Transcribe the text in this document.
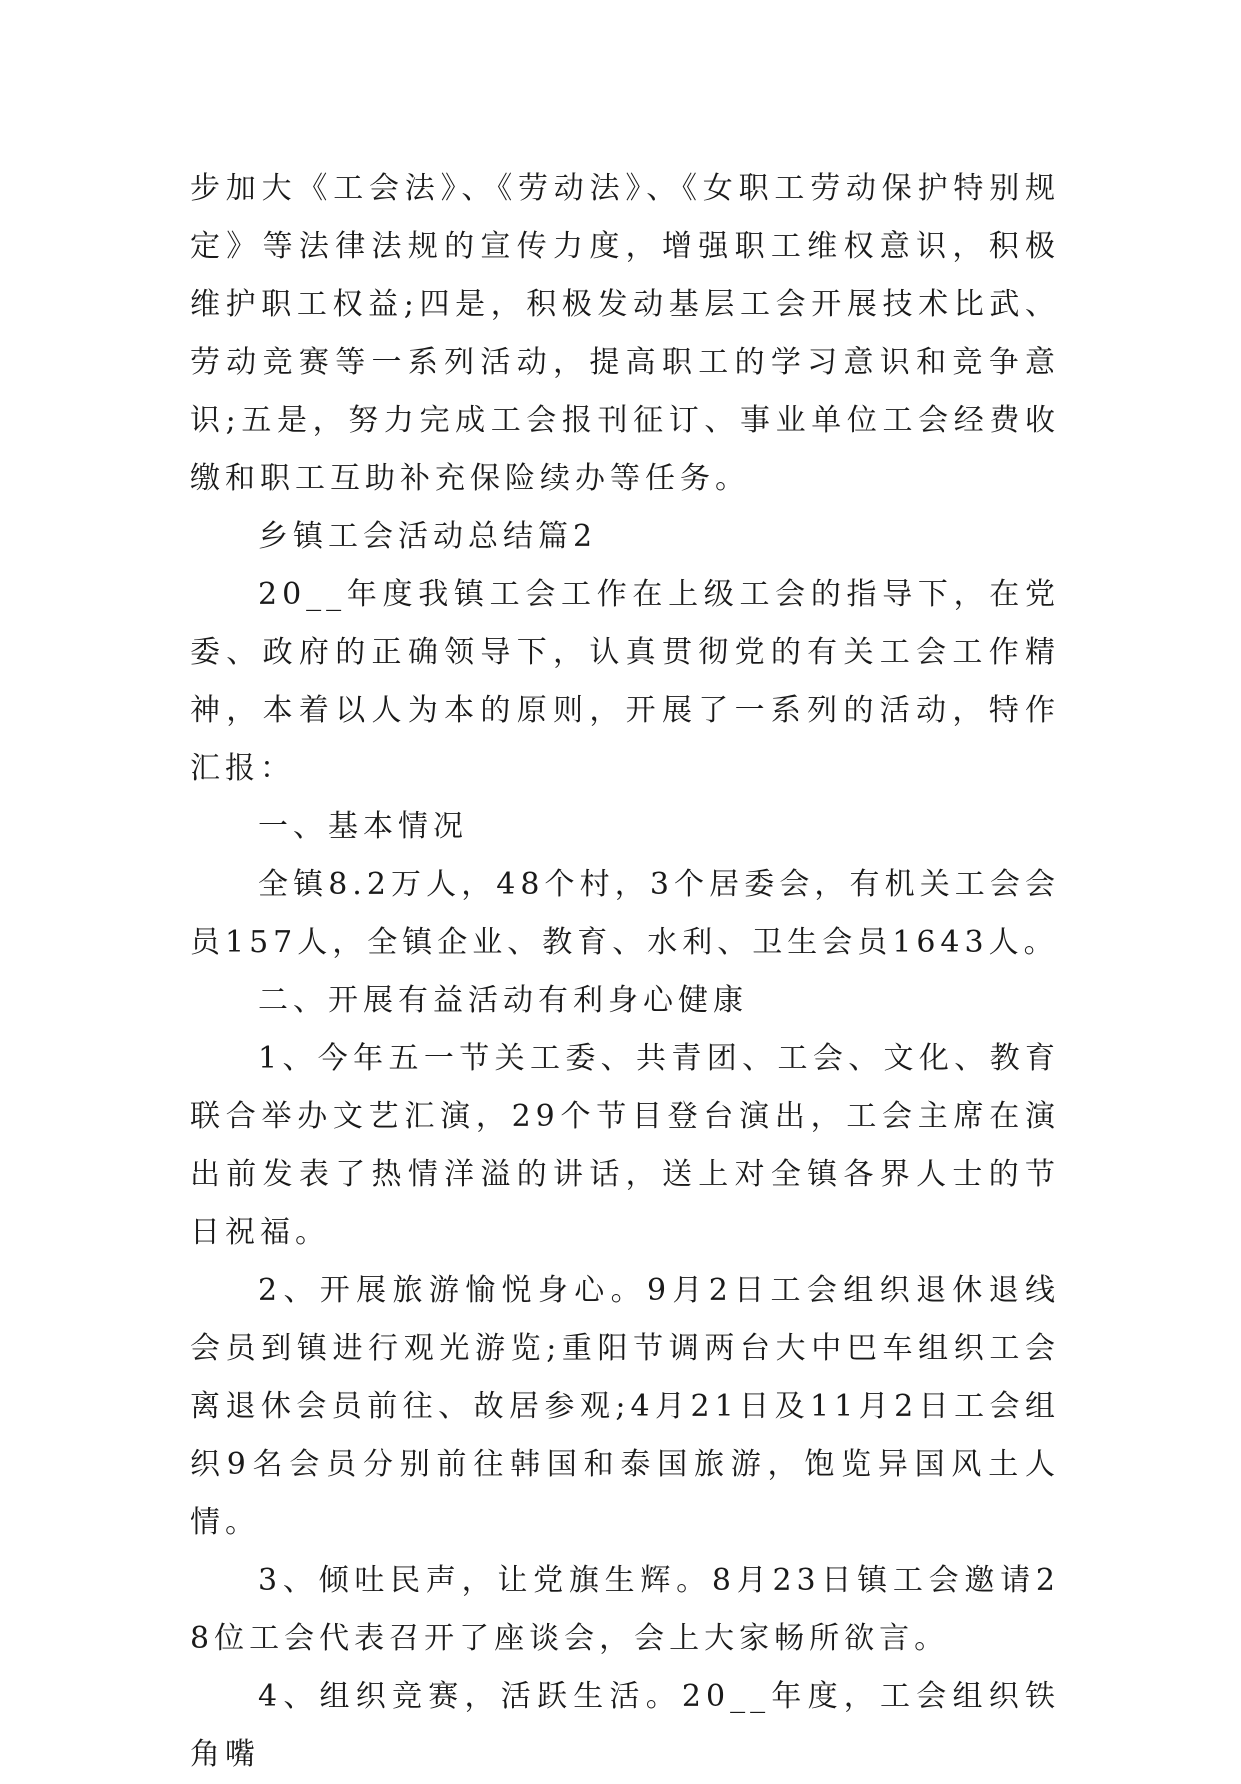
步加大《工会法》、《劳动法》、《女职工劳动保护特别规定》等法律法规的宣传力度，增强职工维权意识，积极维护职工权益;四是，积极发动基层工会开展技术比武、劳动竞赛等一系列活动，提高职工的学习意识和竞争意识;五是，努力完成工会报刊征订、事业单位工会经费收缴和职工互助补充保险续办等任务。

乡镇工会活动总结篇2

20__年度我镇工会工作在上级工会的指导下，在党委、政府的正确领导下，认真贯彻党的有关工会工作精神，本着以人为本的原则，开展了一系列的活动，特作汇报：

一、基本情况

全镇8.2万人，48个村，3个居委会，有机关工会会员157人，全镇企业、教育、水利、卫生会员1643人。

二、开展有益活动有利身心健康

1、今年五一节关工委、共青团、工会、文化、教育联合举办文艺汇演，29个节目登台演出，工会主席在演出前发表了热情洋溢的讲话，送上对全镇各界人士的节日祝福。

2、开展旅游愉悦身心。9月2日工会组织退休退线会员到镇进行观光游览;重阳节调两台大中巴车组织工会离退休会员前往、故居参观;4月21日及11月2日工会组织9名会员分别前往韩国和泰国旅游，饱览异国风土人情。

3、倾吐民声，让党旗生辉。8月23日镇工会邀请28位工会代表召开了座谈会，会上大家畅所欲言。

4、组织竞赛，活跃生活。20__年度，工会组织铁角嘴
